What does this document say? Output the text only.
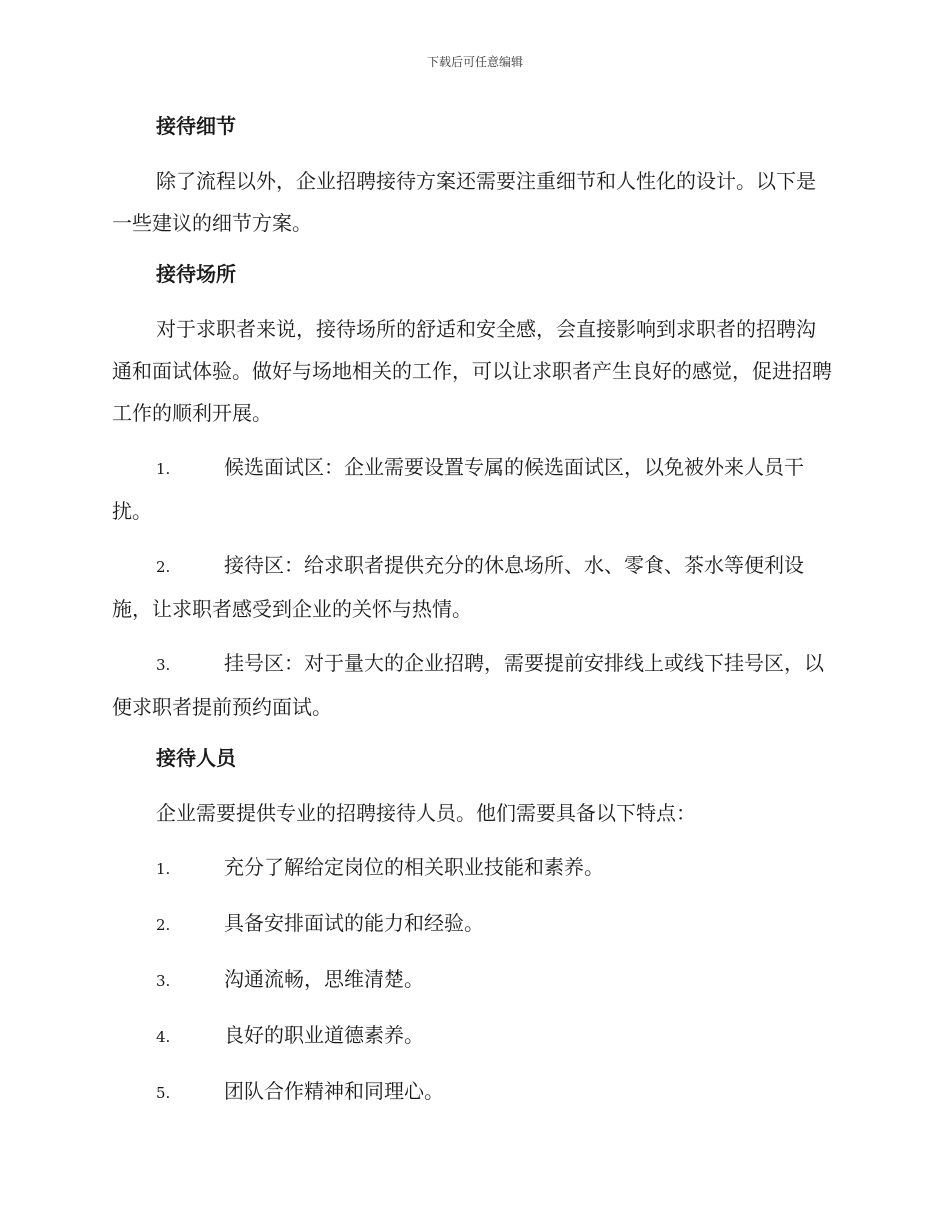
下载后可任意编辑
接待细节
除了流程以外，企业招聘接待方案还需要注重细节和人性化的设计。以下是一些建议的细节方案。
接待场所
对于求职者来说，接待场所的舒适和安全感，会直接影响到求职者的招聘沟通和面试体验。做好与场地相关的工作，可以让求职者产生良好的感觉，促进招聘工作的顺利开展。
1.	候选面试区：企业需要设置专属的候选面试区，以免被外来人员干扰。
2.	接待区：给求职者提供充分的休息场所、水、零食、茶水等便利设施，让求职者感受到企业的关怀与热情。
3.	挂号区：对于量大的企业招聘，需要提前安排线上或线下挂号区，以便求职者提前预约面试。
接待人员
企业需要提供专业的招聘接待人员。他们需要具备以下特点：
1.	充分了解给定岗位的相关职业技能和素养。
2.	具备安排面试的能力和经验。
3.	沟通流畅，思维清楚。
4.	良好的职业道德素养。
5.	团队合作精神和同理心。
